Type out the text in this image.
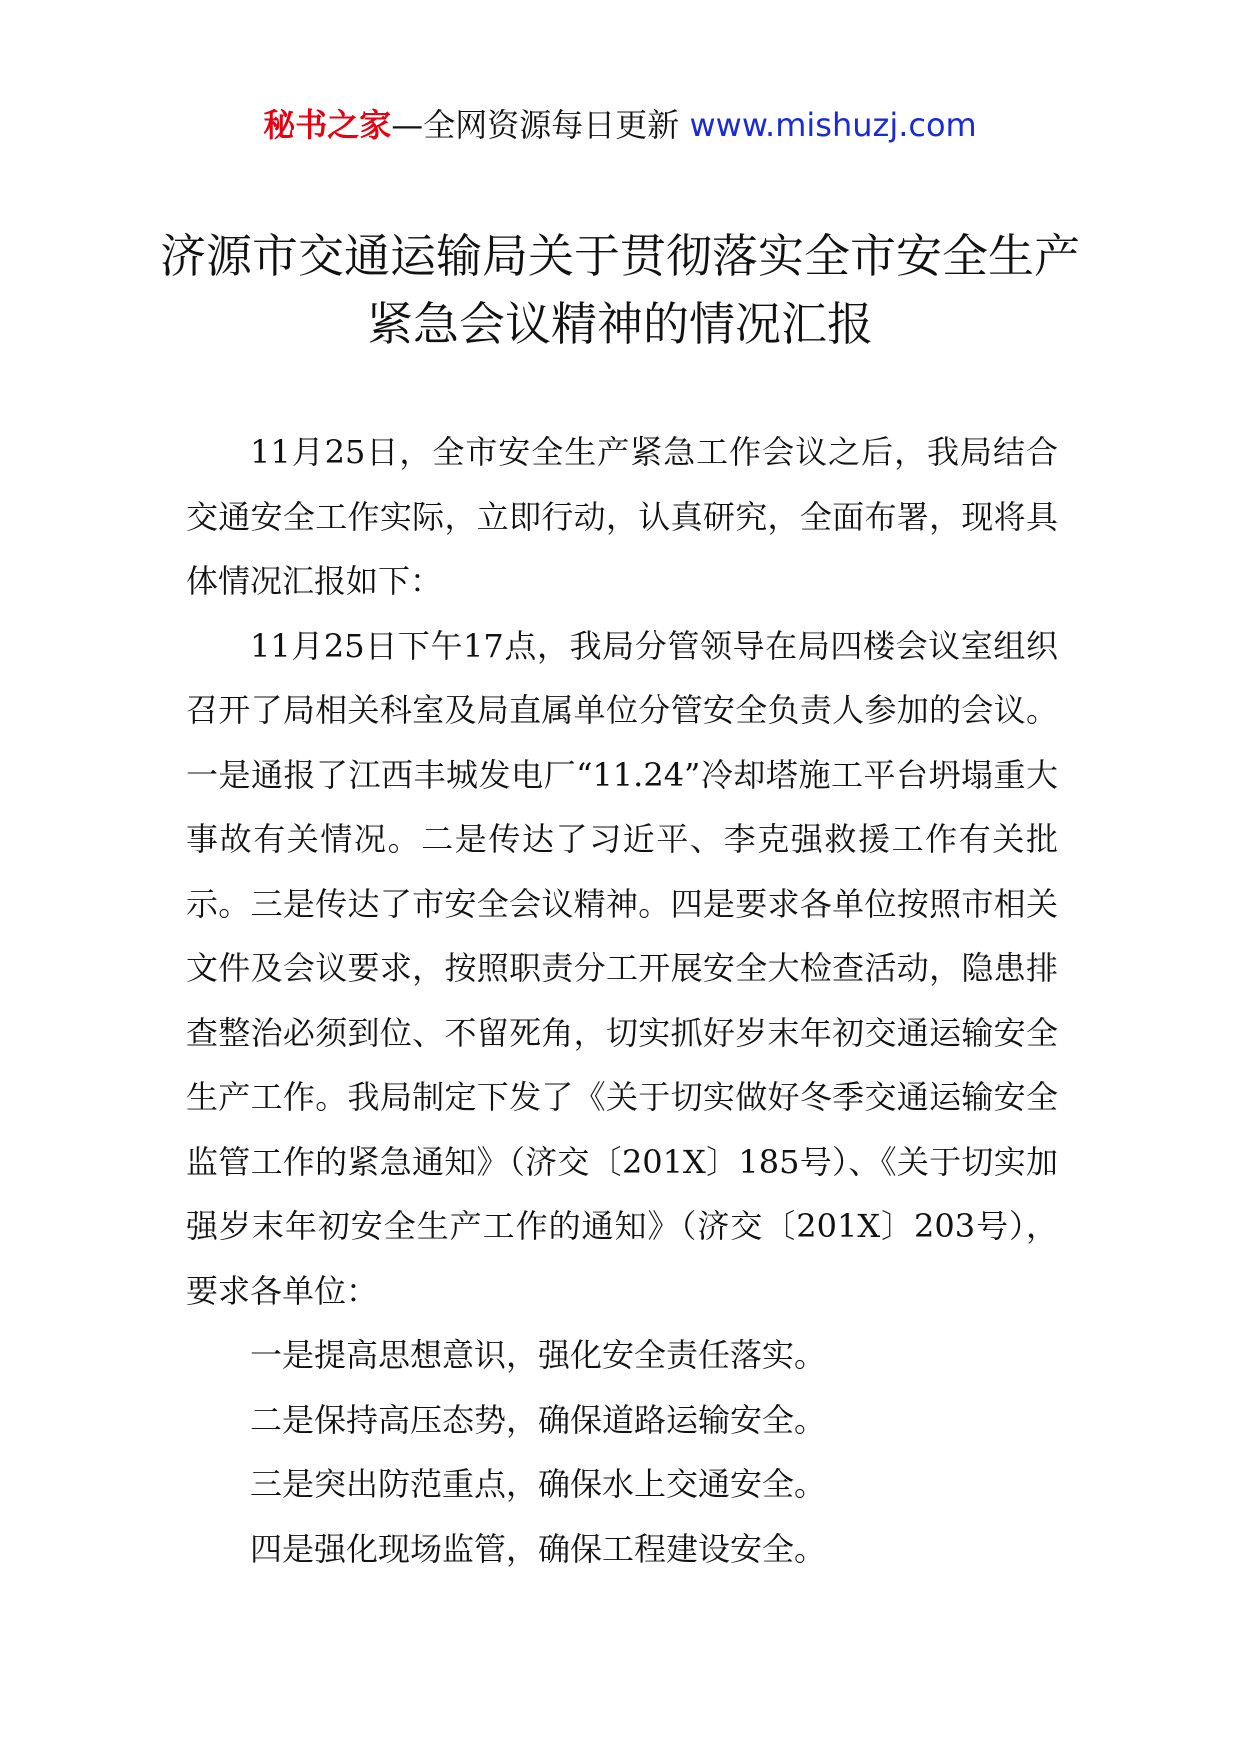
秘书之家—全网资源每日更新 www.mishuzj.com
济源市交通运输局关于贯彻落实全市安全生产紧急会议精神的情况汇报

11月25日，全市安全生产紧急工作会议之后，我局结合交通安全工作实际，立即行动，认真研究，全面布署，现将具体情况汇报如下：

11月25日下午17点，我局分管领导在局四楼会议室组织召开了局相关科室及局直属单位分管安全负责人参加的会议。一是通报了江西丰城发电厂“11.24”冷却塔施工平台坍塌重大事故有关情况。二是传达了习近平、李克强救援工作有关批示。三是传达了市安全会议精神。四是要求各单位按照市相关文件及会议要求，按照职责分工开展安全大检查活动，隐患排查整治必须到位、不留死角，切实抓好岁末年初交通运输安全生产工作。我局制定下发了《关于切实做好冬季交通运输安全监管工作的紧急通知》（济交〔201X〕185号）、《关于切实加强岁末年初安全生产工作的通知》（济交〔201X〕203号），要求各单位：

一是提高思想意识，强化安全责任落实。

二是保持高压态势，确保道路运输安全。

三是突出防范重点，确保水上交通安全。

四是强化现场监管，确保工程建设安全。
